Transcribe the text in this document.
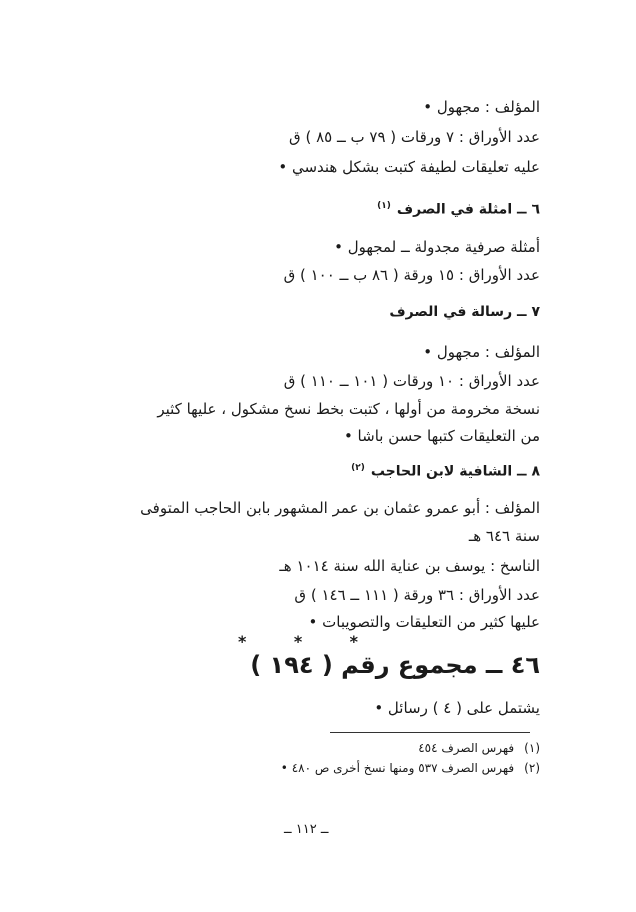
المؤلف : مجهول •
عدد الأوراق : ٧ ورقات ( ٧٩ ب ــ ٨٥ ) ق
عليه تعليقات لطيفة كتبت بشكل هندسي •
٦ ــ امثلة في الصرف$^{(١)}$
أمثلة صرفية مجدولة ــ لمجهول •
عدد الأوراق : ١٥ ورقة ( ٨٦ ب ــ ١٠٠ ) ق
٧ ــ رسالة في الصرف
المؤلف : مجهول •
عدد الأوراق : ١٠ ورقات ( ١٠١ ــ ١١٠ ) ق
نسخة مخرومة من أولها ، كتبت بخط نسخ مشكول ، عليها كثير
من التعليقات كتبها حسن باشا •
٨ ــ الشافية لابن الحاجب$^{(٢)}$
المؤلف : أبو عمرو عثمان بن عمر المشهور بابن الحاجب المتوفى
سنة ٦٤٦ هـ
الناسخ : يوسف بن عناية الله سنة ١٠١٤ هـ
عدد الأوراق : ٣٦ ورقة ( ١١١ ــ ١٤٦ ) ق
عليها كثير من التعليقات والتصويبات •
*	*	*
٤٦ ــ مجموع رقم ( ١٩٤ )
يشتمل على ( ٤ ) رسائل •
(١) فهرس الصرف ٤٥٤
(٢) فهرس الصرف ٥٣٧ ومنها نسخ أخرى ص ٤٨٠ •
ــ ١١٢ ــ
